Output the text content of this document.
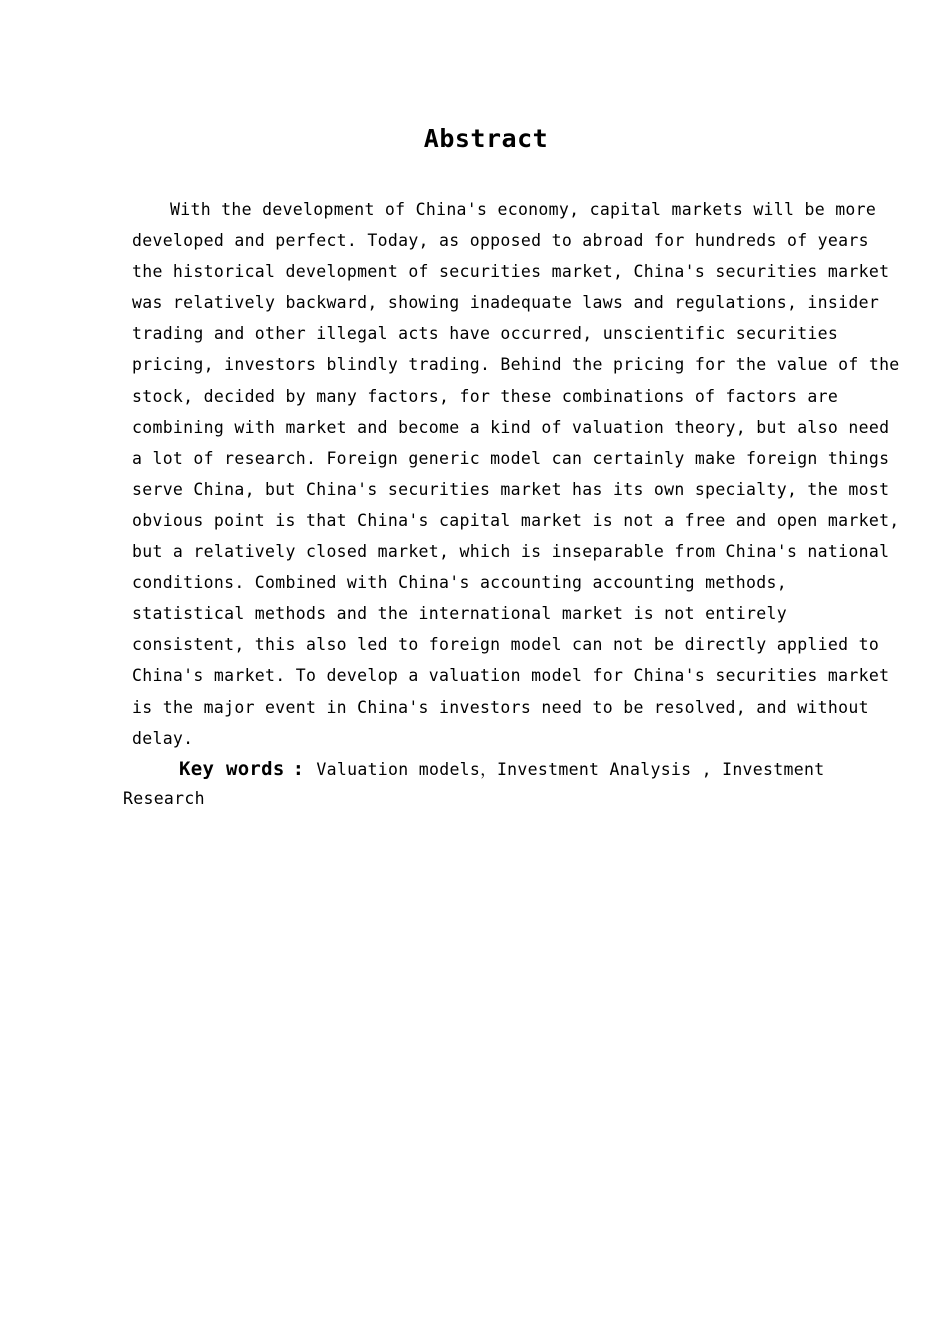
Abstract
With the development of China's economy, capital markets will be more
developed and perfect. Today, as opposed to abroad for hundreds of years
the historical development of securities market, China's securities market
was relatively backward, showing inadequate laws and regulations, insider
trading and other illegal acts have occurred, unscientific securities
pricing, investors blindly trading. Behind the pricing for the value of the
stock, decided by many factors, for these combinations of factors are
combining with market and become a kind of valuation theory, but also need
a lot of research. Foreign generic model can certainly make foreign things
serve China, but China's securities market has its own specialty, the most
obvious point is that China's capital market is not a free and open market,
but a relatively closed market, which is inseparable from China's national
conditions. Combined with China's accounting accounting methods,
statistical methods and the international market is not entirely
consistent, this also led to foreign model can not be directly applied to
China's market. To develop a valuation model for China's securities market
is the major event in China's investors need to be resolved, and without
delay.
Key words : Valuation models，Investment Analysis , Investment
Research
